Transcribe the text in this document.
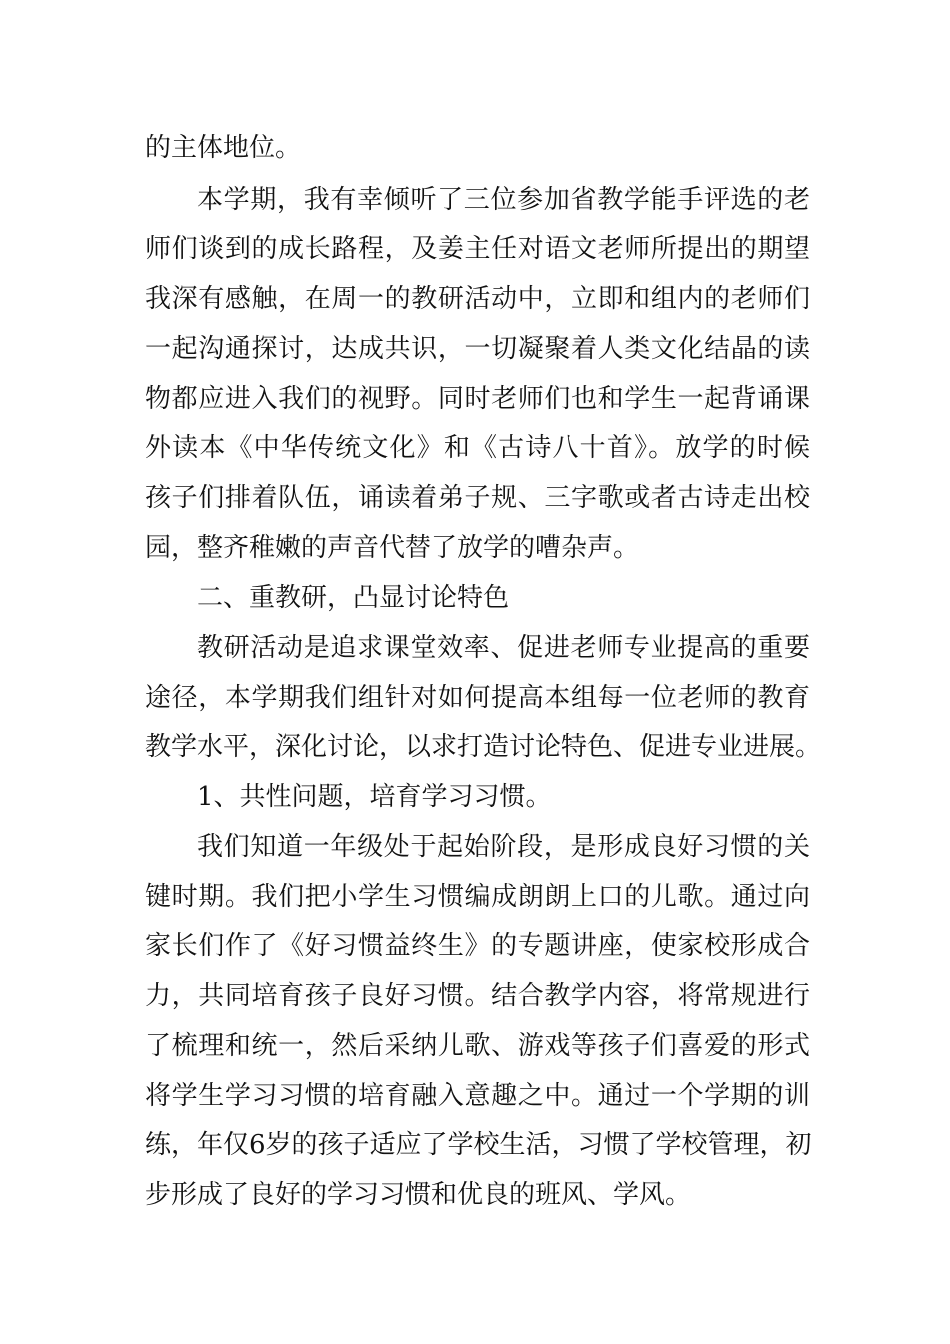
的主体地位。
本学期，我有幸倾听了三位参加省教学能手评选的老
师们谈到的成长路程，及姜主任对语文老师所提出的期望
我深有感触，在周一的教研活动中，立即和组内的老师们
一起沟通探讨，达成共识，一切凝聚着人类文化结晶的读
物都应进入我们的视野。同时老师们也和学生一起背诵课
外读本《中华传统文化》和《古诗八十首》。放学的时候
孩子们排着队伍，诵读着弟子规、三字歌或者古诗走出校
园，整齐稚嫩的声音代替了放学的嘈杂声。
二、重教研，凸显讨论特色
教研活动是追求课堂效率、促进老师专业提高的重要
途径，本学期我们组针对如何提高本组每一位老师的教育
教学水平，深化讨论，以求打造讨论特色、促进专业进展。
1、共性问题，培育学习习惯。
我们知道一年级处于起始阶段，是形成良好习惯的关
键时期。我们把小学生习惯编成朗朗上口的儿歌。通过向
家长们作了《好习惯益终生》的专题讲座，使家校形成合
力，共同培育孩子良好习惯。结合教学内容，将常规进行
了梳理和统一，然后采纳儿歌、游戏等孩子们喜爱的形式
将学生学习习惯的培育融入意趣之中。通过一个学期的训
练，年仅6岁的孩子适应了学校生活，习惯了学校管理，初
步形成了良好的学习习惯和优良的班风、学风。
